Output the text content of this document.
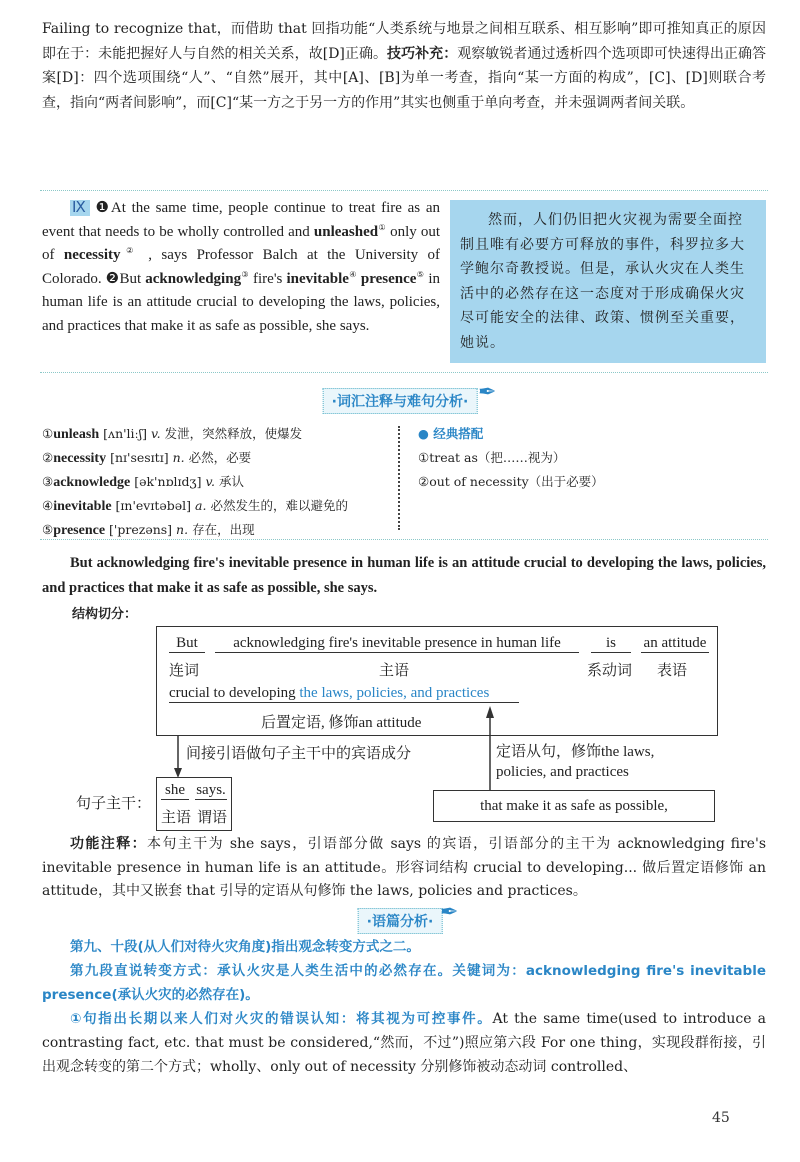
Failing to recognize that，而借助 that 回指功能“人类系统与地景之间相互联系、相互影响”即可推知真正的原因即在于：未能把握好人与自然的相关关系，故[D]正确。技巧补充：观察敏锐者通过透析四个选项即可快速得出正确答案[D]：四个选项围绕“人”、“自然”展开，其中[A]、[B]为单一考查，指向“某一方面的构成”，[C]、[D]则联合考查，指向“两者间影响”，而[C]“某一方之于另一方的作用”其实也侧重于单向考查，并未强调两者间关联。
Ⅸ ❶At the same time, people continue to treat fire as an event that needs to be wholly controlled and unleashed① only out of necessity② , says Professor Balch at the University of Colorado. ❷But acknowledging③ fire's inevitable④ presence⑤ in human life is an attitude crucial to developing the laws, policies, and practices that make it as safe as possible, she says.
然而，人们仍旧把火灾视为需要全面控制且唯有必要方可释放的事件，科罗拉多大学鲍尔奇教授说。但是，承认火灾在人类生活中的必然存在这一态度对于形成确保火灾尽可能安全的法律、政策、惯例至关重要，她说。
·词汇注释与难句分析· ✒
①unleash [ʌn'liːʃ] v. 发泄，突然释放，使爆发
②necessity [nɪ'sesɪtɪ] n. 必然，必要
③acknowledge [ək'nɒlɪdʒ] v. 承认
④inevitable [ɪn'evɪtəbəl] a. 必然发生的，难以避免的
⑤presence ['prezəns] n. 存在，出现
● 经典搭配
①treat as（把……视为）
②out of necessity（出于必要）
But acknowledging fire's inevitable presence in human life is an attitude crucial to developing the laws, policies, and practices that make it as safe as possible, she says.
结构切分：
But
连词
acknowledging fire's inevitable presence in human life
主语
is
系动词
an attitude
表语
crucial to developing the laws, policies, and practices
后置定语, 修饰an attitude
间接引语做句子主干中的宾语成分	定语从句，修饰the laws, policies, and practices
句子主干：
she
主语
says.
谓语
that make it as safe as possible,
功能注释：本句主干为 she says，引语部分做 says 的宾语，引语部分的主干为 acknowledging fire's inevitable presence in human life is an attitude。形容词结构 crucial to developing... 做后置定语修饰 an attitude，其中又嵌套 that 引导的定语从句修饰 the laws, policies and practices。
·语篇分析· ✒
第九、十段(从人们对待火灾角度)指出观念转变方式之二。
第九段直说转变方式：承认火灾是人类生活中的必然存在。关键词为：acknowledging fire's inevitable presence(承认火灾的必然存在)。
①句指出长期以来人们对火灾的错误认知：将其视为可控事件。At the same time(used to introduce a contrasting fact, etc. that must be considered,“然而，不过”)照应第六段 For one thing，实现段群衔接，引出观念转变的第二个方式；wholly、only out of necessity 分别修饰被动态动词 controlled、
45
